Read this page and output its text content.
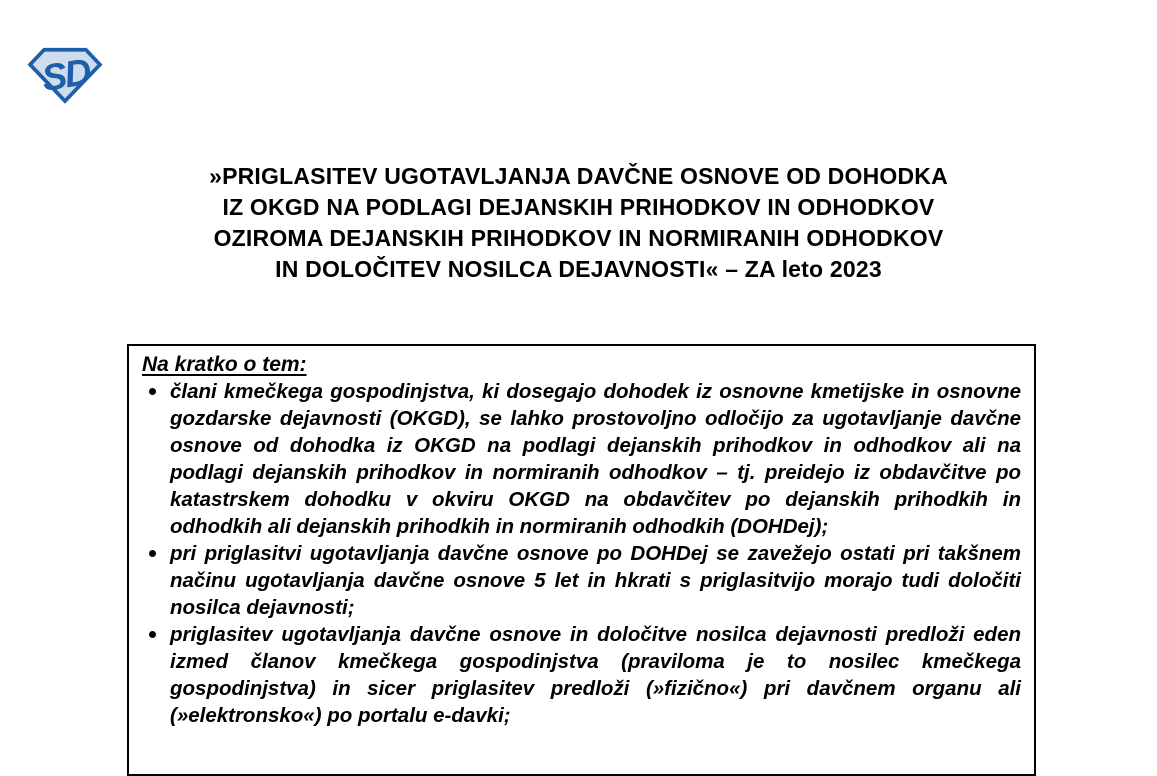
SD
»PRIGLASITEV UGOTAVLJANJA DAVČNE OSNOVE OD DOHODKA
IZ OKGD NA PODLAGI DEJANSKIH PRIHODKOV IN ODHODKOV
OZIROMA DEJANSKIH PRIHODKOV IN NORMIRANIH ODHODKOV
IN DOLOČITEV NOSILCA DEJAVNOSTI« – ZA leto 2023
Na kratko o tem:
člani kmečkega gospodinjstva, ki dosegajo dohodek iz osnovne kmetijske in osnovne gozdarske dejavnosti (OKGD), se lahko prostovoljno odločijo za ugotavljanje davčne osnove od dohodka iz OKGD na podlagi dejanskih prihodkov in odhodkov ali na podlagi dejanskih prihodkov in normiranih odhodkov – tj. preidejo iz obdavčitve po katastrskem dohodku v okviru OKGD na obdavčitev po dejanskih prihodkih in odhodkih ali dejanskih prihodkih in normiranih odhodkih (DOHDej);
pri priglasitvi ugotavljanja davčne osnove po DOHDej se zavežejo ostati pri takšnem načinu ugotavljanja davčne osnove 5 let in hkrati s priglasitvijo morajo tudi določiti nosilca dejavnosti;
priglasitev ugotavljanja davčne osnove in določitve nosilca dejavnosti predloži eden izmed članov kmečkega gospodinjstva (praviloma je to nosilec kmečkega gospodinjstva) in sicer priglasitev predloži (»fizično«) pri davčnem organu ali (»elektronsko«) po portalu e-davki;
